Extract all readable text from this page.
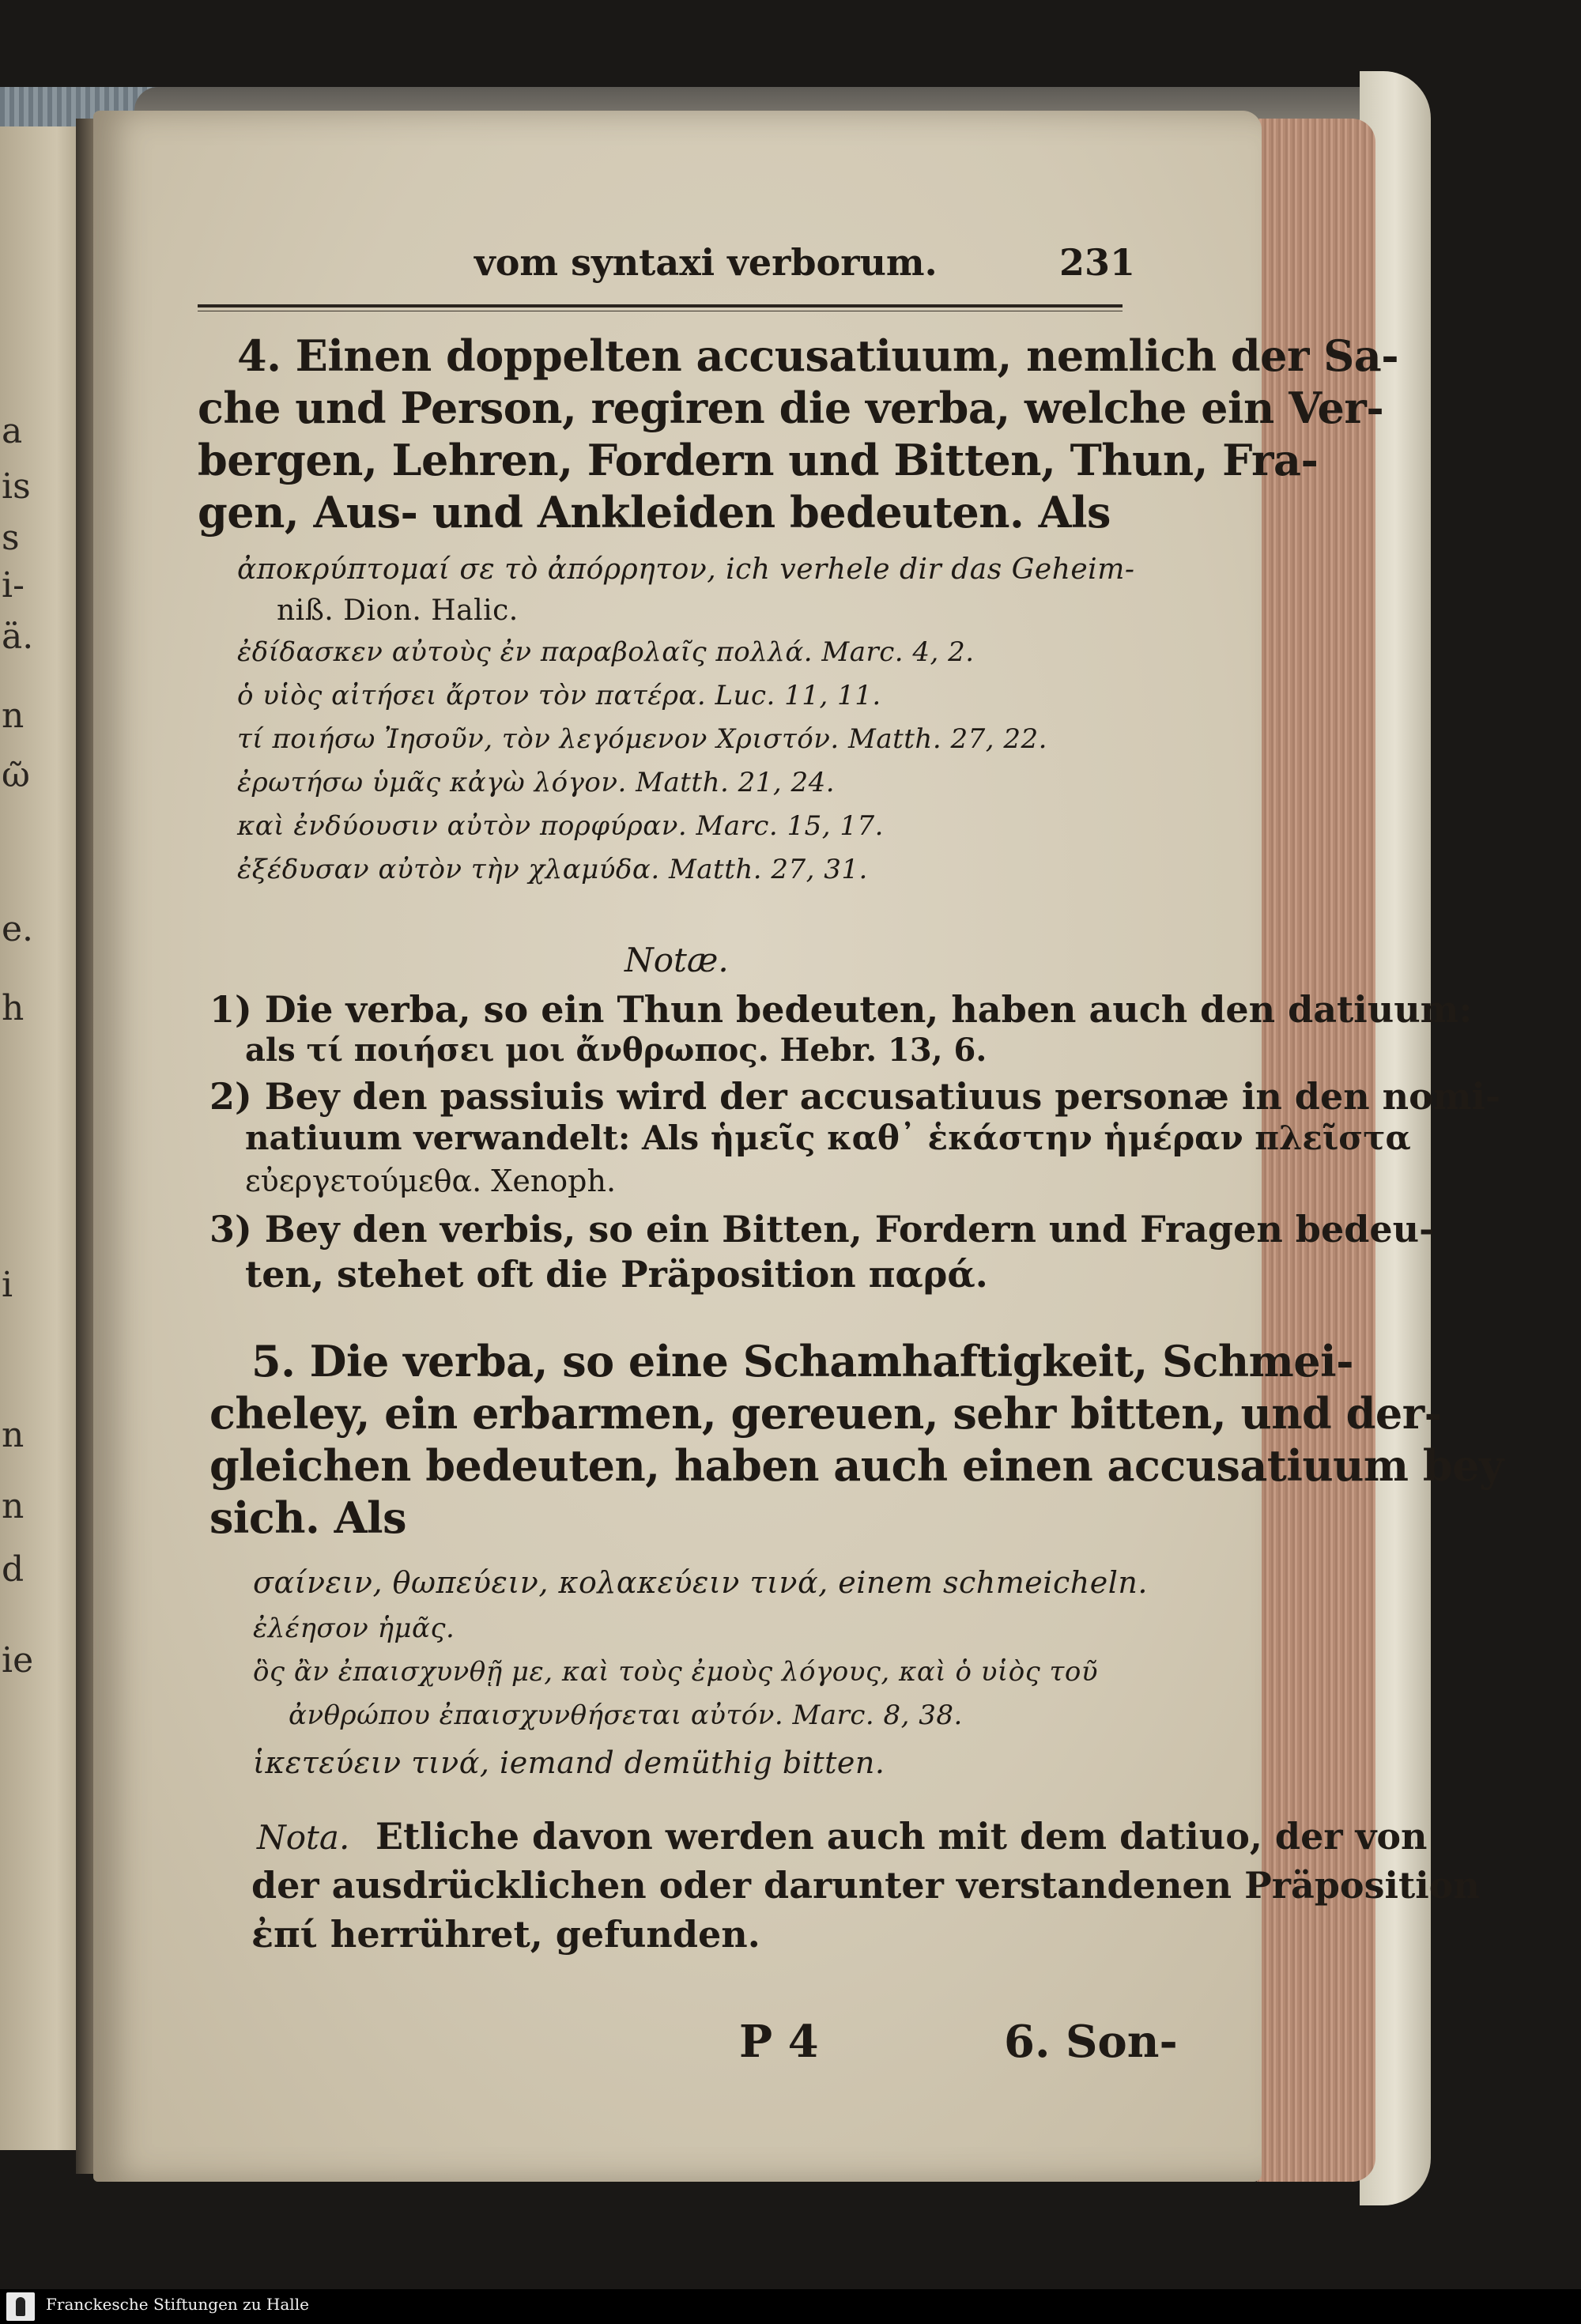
a
is
s
i-
ä.
n
ῶ
e.
h
i
n
n
d
ie
vom syntaxi verborum.	231
4. Einen doppelten accusatiuum, nemlich der Sa-
che und Person, regiren die verba, welche ein Ver-
bergen, Lehren, Fordern und Bitten, Thun, Fra-
gen, Aus- und Ankleiden bedeuten. Als
ἀποκρύπτομαί σε τὸ ἀπόρρητον, ich verhele dir das Geheim-
niß. Dion. Halic.
ἐδίδασκεν αὐτοὺς ἐν παραβολαῖς πολλά. Marc. 4, 2.
ὁ υἱὸς αἰτήσει ἄρτον τὸν πατέρα. Luc. 11, 11.
τί ποιήσω Ἰησοῦν, τὸν λεγόμενον Χριστόν. Matth. 27, 22.
ἐρωτήσω ὑμᾶς κἀγὼ λόγον. Matth. 21, 24.
καὶ ἐνδύουσιν αὐτὸν πορφύραν. Marc. 15, 17.
ἐξέδυσαν αὐτὸν τὴν χλαμύδα. Matth. 27, 31.
Notæ.
1) Die verba, so ein Thun bedeuten, haben auch den datiuum:
als τί ποιήσει μοι ἄνθρωπος. Hebr. 13, 6.
2) Bey den passiuis wird der accusatiuus personæ in den nomi-
natiuum verwandelt: Als ἡμεῖς καθ᾽ ἑκάστην ἡμέραν πλεῖστα
εὐεργετούμεθα. Xenoph.
3) Bey den verbis, so ein Bitten, Fordern und Fragen bedeu-
ten, stehet oft die Präposition παρά.
5. Die verba, so eine Schamhaftigkeit, Schmei-
cheley, ein erbarmen, gereuen, sehr bitten, und der-
gleichen bedeuten, haben auch einen accusatiuum bey
sich. Als
σαίνειν, θωπεύειν, κολακεύειν τινά, einem schmeicheln.
ἐλέησον ἡμᾶς.
ὃς ἂν ἐπαισχυνθῇ με, καὶ τοὺς ἐμοὺς λόγους, καὶ ὁ υἱὸς τοῦ
ἀνθρώπου ἐπαισχυνθήσεται αὐτόν. Marc. 8, 38.
ἱκετεύειν τινά, iemand demüthig bitten.
Nota. Etliche davon werden auch mit dem datiuo, der von
der ausdrücklichen oder darunter verstandenen Präposition
ἐπί herrühret, gefunden.
P 4	6. Son-
Franckesche Stiftungen zu Halle
